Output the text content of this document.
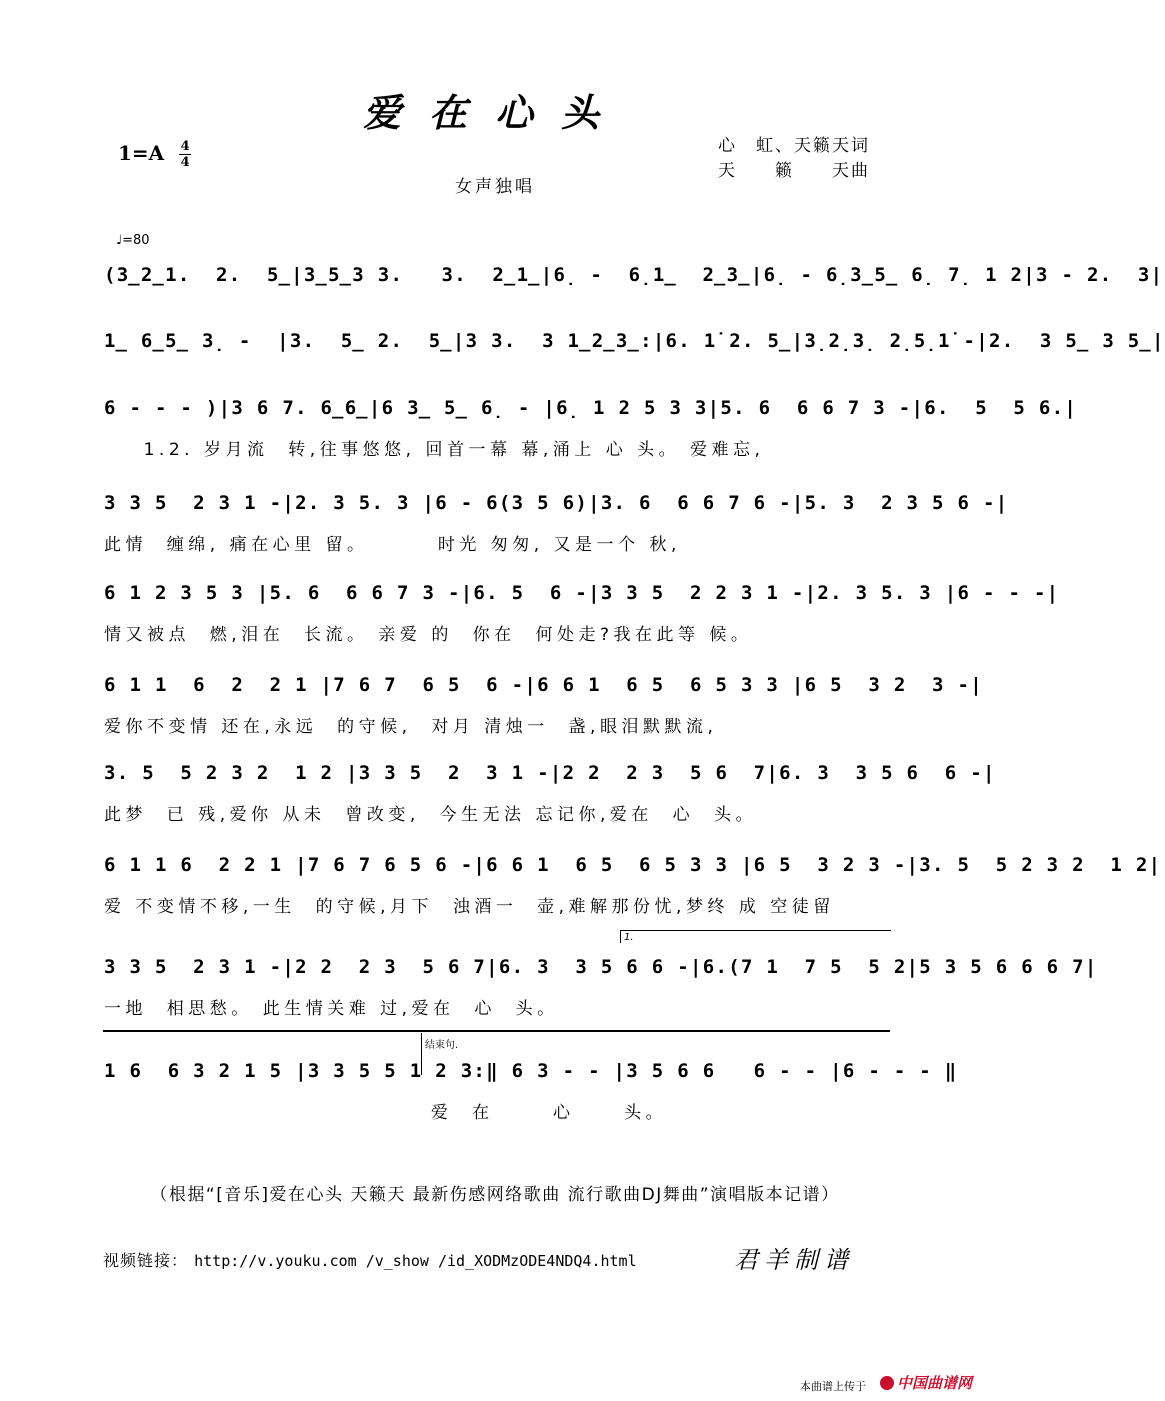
爱在心头
$1=A \frac{4}{4}$	心　虹、天籁天词
天　　籁　　天曲
女声独唱
♩=80
(3̲2̲1.  2.  5̲|3̲5̲3 3.   3.  2̲1̲|6̣ -  6̣1̲  2̲3̲|6̣ - 6̣3̲5̲ 6̣ 7̣ 1 2|3 - 2.  3|
1̲ 6̲5̲ 3̣ -  |3.  5̲ 2.  5̲|3 3.  3 1̲2̲3̲:|6. 1̇ 2. 5̲|3̣2̣3̣ 2̣5̣1̇ -|2.  3 5̲ 3 5̲|
6 - - - )|3 6 7. 6̲6̲|6 3̲ 5̲ 6̣ - |6̣ 1 2 5 3 3|5. 6  6 6 7 3 -|6.  5  5 6.|
1.2. 岁月流  转,往事悠悠, 回首一幕 幕,涌上 心 头。 爱难忘,
3 3 5  2 3 1 -|2. 3 5. 3 |6 - 6(3 5 6)|3. 6  6 6 7 6 -|5. 3  2 3 5 6 -|
此情  缠绵, 痛在心里 留。       时光 匆匆, 又是一个 秋,
6 1 2 3 5 3 |5. 6  6 6 7 3 -|6. 5  6 -|3 3 5  2 2 3 1 -|2. 3 5. 3 |6 - - -|
情又被点  燃,泪在  长流。 亲爱 的  你在  何处走?我在此等 候。
6 1 1  6  2  2 1 |7 6 7  6 5  6 -|6 6 1  6 5  6 5 3 3 |6 5  3 2  3 -|
爱你不变情 还在,永远  的守候,  对月 清烛一  盏,眼泪默默流,
3. 5  5 2 3 2  1 2 |3 3 5  2  3 1 -|2 2  2 3  5 6  7|6. 3  3 5 6  6 -|
此梦  已 残,爱你 从未  曾改变,  今生无法 忘记你,爱在  心  头。
6 1 1 6  2 2 1 |7 6 7 6 5 6 -|6 6 1  6 5  6 5 3 3 |6 5  3 2 3 -|3. 5  5 2 3 2  1 2|
爱 不变情不移,一生  的守候,月下  浊酒一  壶,难解那份忧,梦终 成 空徒留
1.
3 3 5  2 3 1 -|2 2  2 3  5 6 7|6. 3  3 5 6 6 -|6.(7 1  7 5  5 2|5 3 5 6 6 6 7|
一地  相思愁。 此生情关难 过,爱在  心  头。
结束句.
1 6  6 3 2 1 5 |3 3 5 5 1 2 3:‖ 6 3 - - |3 5 6 6   6 - - |6 - - - ‖
爱  在      心     头。
（根据“[音乐]爱在心头 天籁天 最新伤感网络歌曲 流行歌曲DJ舞曲”演唱版本记谱）
视频链接： http://v.youku.com /v_show /id_XODMzODE4NDQ4.html	君羊制谱
本曲谱上传于	中国曲谱网
